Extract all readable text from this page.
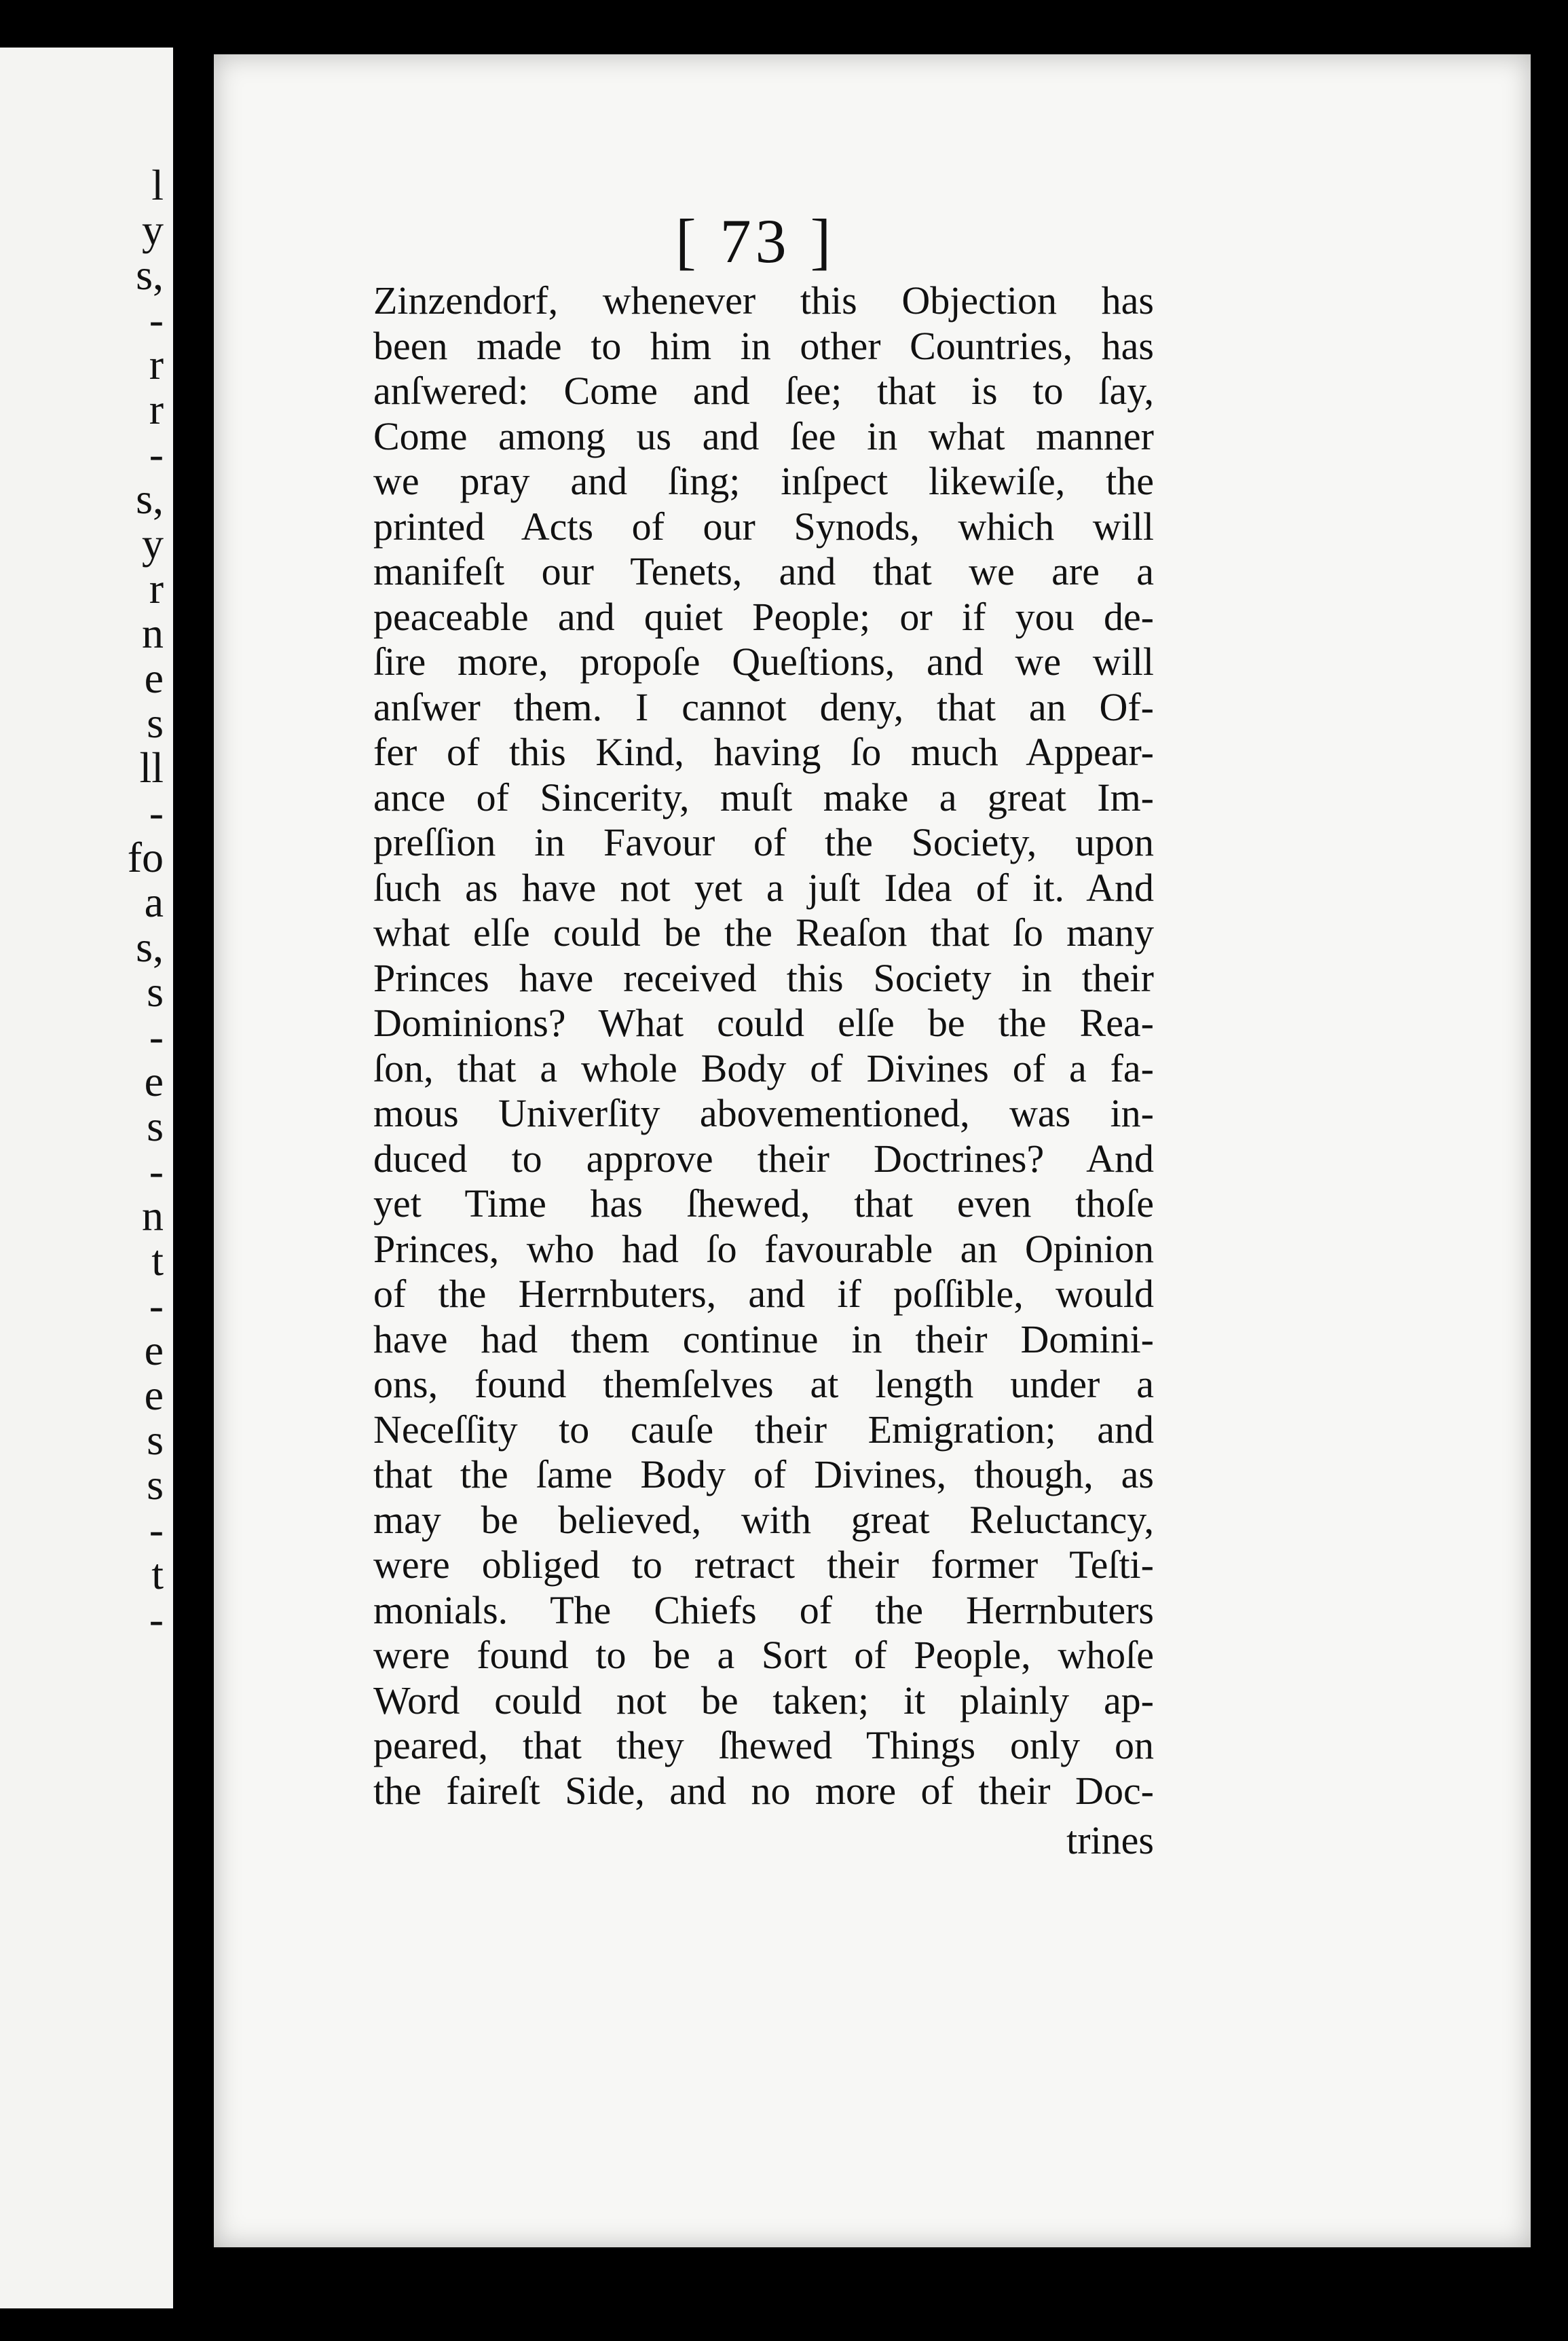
l
y
s,
-
r
r
-
s,
y
r
n
e
s
ll
-
fo
a
s,
s
-
e
s
-
n
t
-
e
e
s
s
-
t
-
[ 73 ]
Zinzendorf, whenever this Objection has
been made to him in other Countries, has
anſwered: Come and ſee; that is to ſay,
Come among us and ſee in what manner
we pray and ſing; inſpect likewiſe, the
printed Acts of our Synods, which will
manifeſt our Tenets, and that we are a
peaceable and quiet People; or if you de-
ſire more, propoſe Queſtions, and we will
anſwer them. I cannot deny, that an Of-
fer of this Kind, having ſo much Appear-
ance of Sincerity, muſt make a great Im-
preſſion in Favour of the Society, upon
ſuch as have not yet a juſt Idea of it. And
what elſe could be the Reaſon that ſo many
Princes have received this Society in their
Dominions? What could elſe be the Rea-
ſon, that a whole Body of Divines of a fa-
mous Univerſity abovementioned, was in-
duced to approve their Doctrines? And
yet Time has ſhewed, that even thoſe
Princes, who had ſo favourable an Opinion
of the Herrnbuters, and if poſſible, would
have had them continue in their Domini-
ons, found themſelves at length under a
Neceſſity to cauſe their Emigration; and
that the ſame Body of Divines, though, as
may be believed, with great Reluctancy,
were obliged to retract their former Teſti-
monials. The Chiefs of the Herrnbuters
were found to be a Sort of People, whoſe
Word could not be taken; it plainly ap-
peared, that they ſhewed Things only on
the faireſt Side, and no more of their Doc-
trines
